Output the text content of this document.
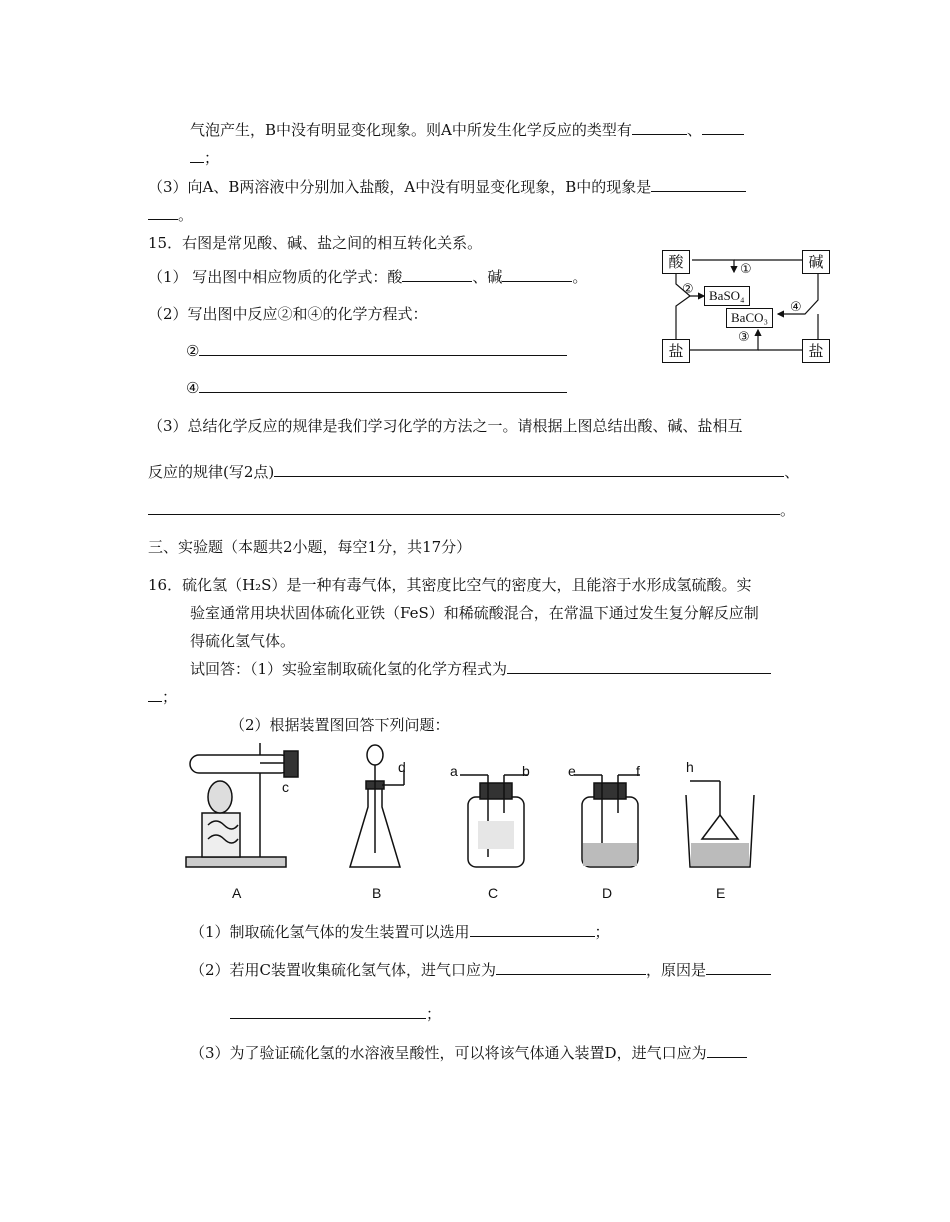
气泡产生，B中没有明显变化现象。则A中所发生化学反应的类型有	、
；
（3）向A、B两溶液中分别加入盐酸，A中没有明显变化现象，B中的现象是
。
15．右图是常见酸、碱、盐之间的相互转化关系。
（1） 写出图中相应物质的化学式：酸	、碱	。
（2）写出图中反应②和④的化学方程式：
②
④
（3）总结化学反应的规律是我们学习化学的方法之一。请根据上图总结出酸、碱、盐相互
反应的规律(写2点)	、
。
酸	碱
盐	盐
BaSO₄
BaCO₃
①
②
③
④
三、实验题（本题共2小题，每空1分，共17分）
16．硫化氢（H₂S）是一种有毒气体，其密度比空气的密度大，且能溶于水形成氢硫酸。实
验室通常用块状固体硫化亚铁（FeS）和稀硫酸混合，在常温下通过发生复分解反应制
得硫化氢气体。
试回答：（1）实验室制取硫化氢的化学方程式为
；
（2）根据装置图回答下列问题：
c
d	a	b	e	f	h
A	B	C	D	E
（1）制取硫化氢气体的发生装置可以选用	；
（2）若用C装置收集硫化氢气体，进气口应为	，原因是
；
（3）为了验证硫化氢的水溶液呈酸性，可以将该气体通入装置D，进气口应为
